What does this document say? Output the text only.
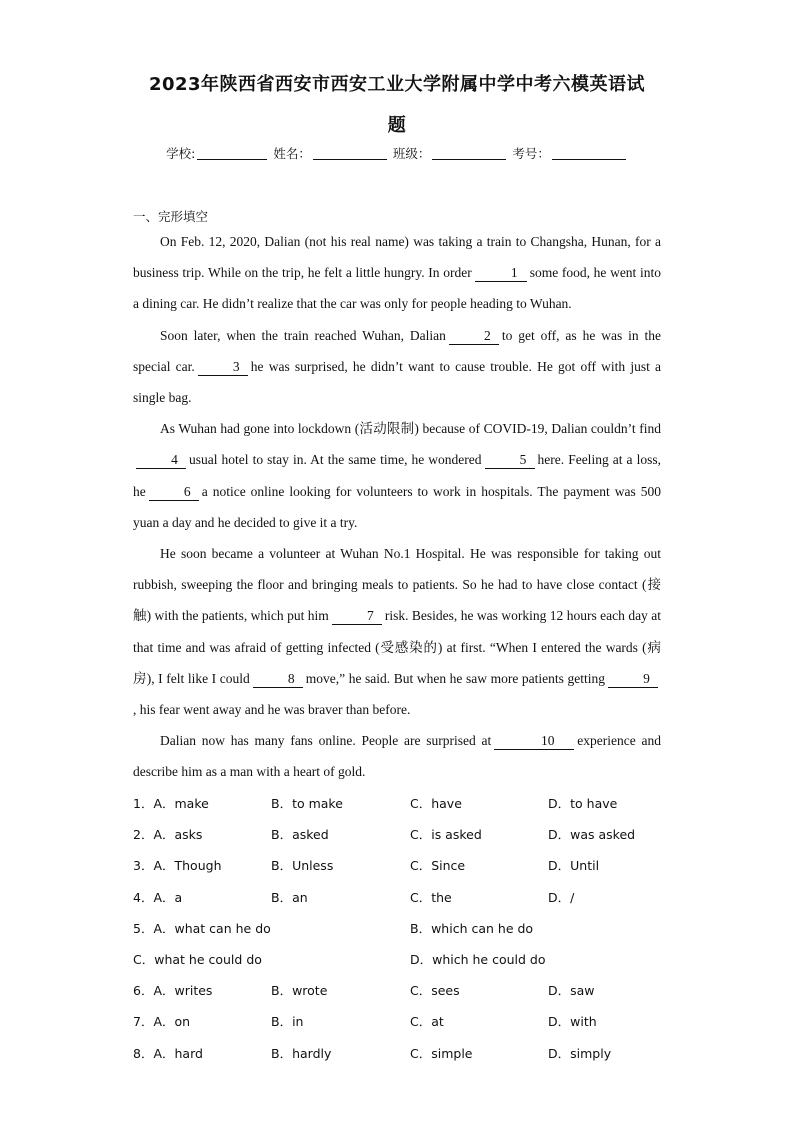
2023年陕西省西安市西安工业大学附属中学中考六模英语试
题
学校:	姓名：	班级：	考号：
一、完形填空

On Feb. 12, 2020, Dalian (not his real name) was taking a train to Changsha, Hunan, for a business trip. While on the trip, he felt a little hungry. In order	1 some food, he went into a dining car. He didn’t realize that the car was only for people heading to Wuhan.

Soon later, when the train reached Wuhan, Dalian	2 to get off, as he was in the special car.	3 he was surprised, he didn’t want to cause trouble. He got off with just a single bag.

As Wuhan had gone into lockdown (活动限制) because of COVID-19, Dalian couldn’t find4 usual hotel to stay in. At the same time, he wondered	5 here. Feeling at a loss, he	6 a notice online looking for volunteers to work in hospitals. The payment was 500 yuan a day and he decided to give it a try.

He soon became a volunteer at Wuhan No.1 Hospital. He was responsible for taking out rubbish, sweeping the floor and bringing meals to patients. So he had to have close contact (接触) with the patients, which put him	7 risk. Besides, he was working 12 hours each day at that time and was afraid of getting infected (受感染的) at first. “When I entered the wards (病房), I felt like I could	8 move,” he said. But when he saw more patients getting	9, his fear went away and he was braver than before.

Dalian now has many fans online. People are surprised at	10 experience and describe him as a man with a heart of gold.

1．A．make	B．to make	C．have	D．to have
2．A．asks	B．asked	C．is asked	D．was asked
3．A．Though	B．Unless	C．Since	D．Until
4．A．a	B．an	C．the	D．/
5．A．what can he do	B．which can he do
C．what he could do	D．which he could do
6．A．writes	B．wrote	C．sees	D．saw
7．A．on	B．in	C．at	D．with
8．A．hard	B．hardly	C．simple	D．simply
